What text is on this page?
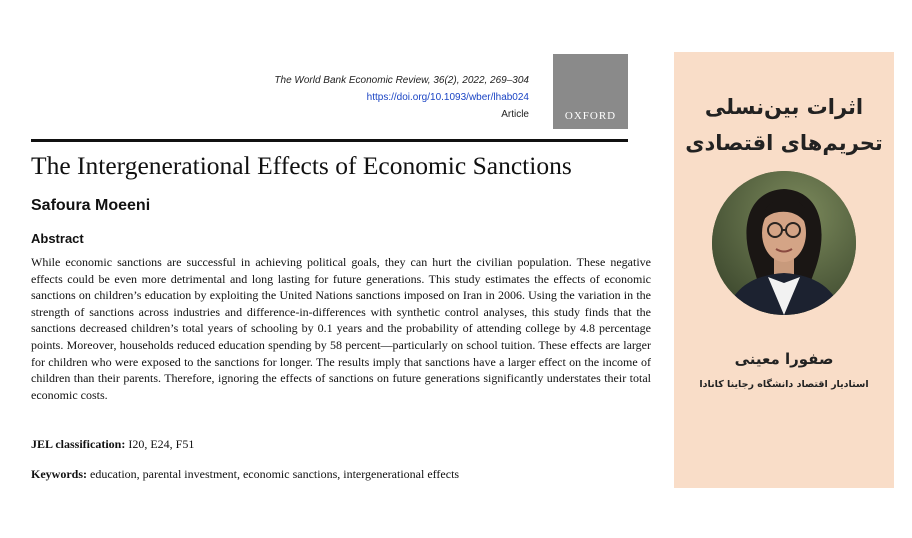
The World Bank Economic Review, 36(2), 2022, 269–304
https://doi.org/10.1093/wber/lhab024
Article	OXFORD
The Intergenerational Effects of Economic Sanctions
Safoura Moeeni
Abstract
While economic sanctions are successful in achieving political goals, they can hurt the civilian population. These negative effects could be even more detrimental and long lasting for future generations. This study estimates the effects of economic sanctions on children’s education by exploiting the United Nations sanctions imposed on Iran in 2006. Using the variation in the strength of sanctions across industries and difference-in-differences with synthetic control analyses, this study finds that the sanctions decreased children’s total years of schooling by 0.1 years and the probability of attending college by 4.8 percentage points. Moreover, households reduced education spending by 58 percent—particularly on school tuition. These effects are larger for children who were exposed to the sanctions for longer. The results imply that sanctions have a larger effect on the income of children than their parents. Therefore, ignoring the effects of sanctions on future generations significantly understates their total economic costs.
JEL classification: I20, E24, F51
Keywords: education, parental investment, economic sanctions, intergenerational effects
اثرات بین‌نسلی
تحریم‌های اقتصادی
صفورا معینی
استادیار اقتصاد دانشگاه رجاینا کانادا
